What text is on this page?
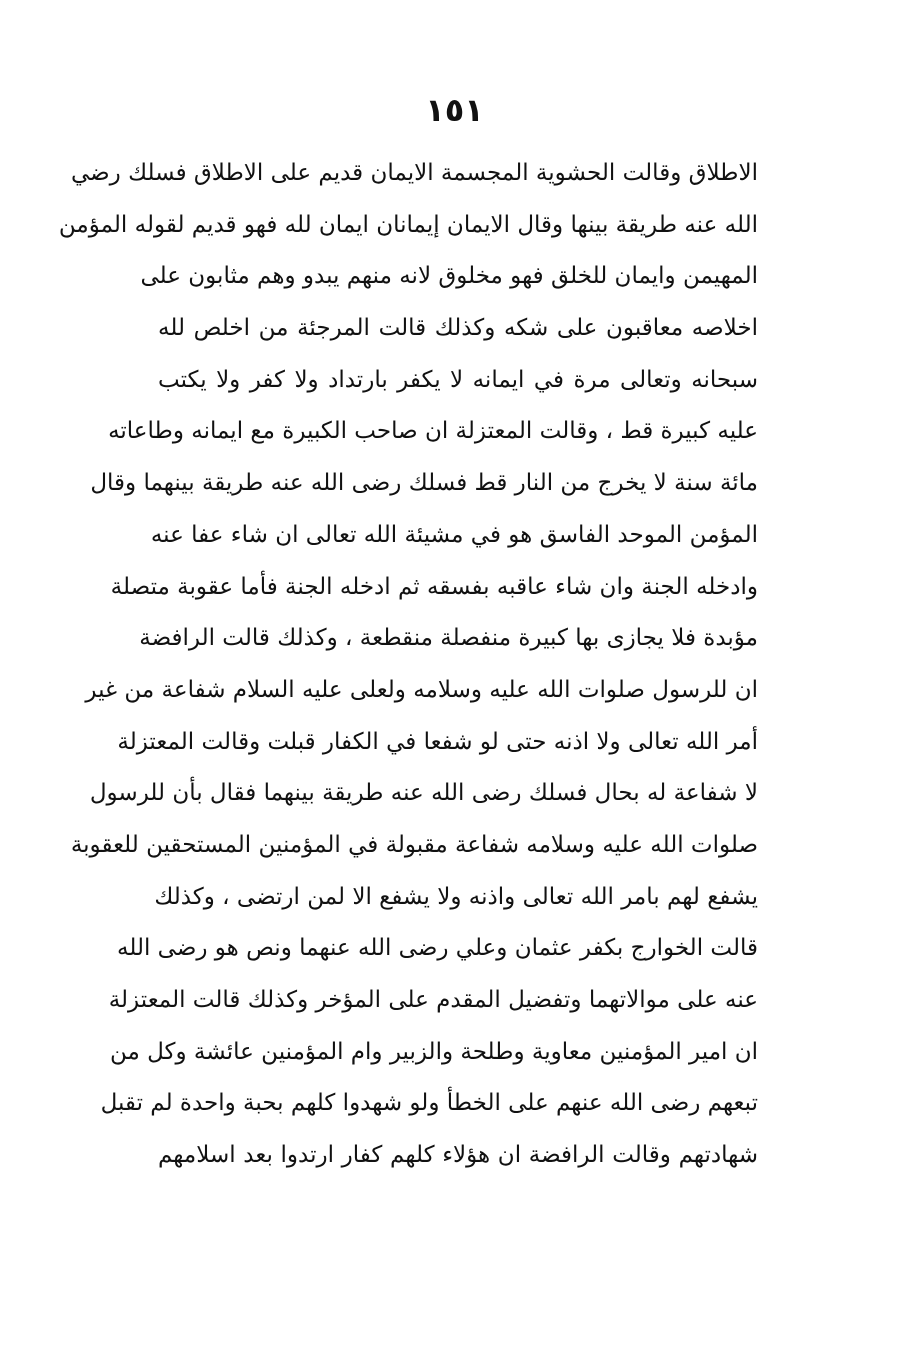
١٥١
الاطلاق وقالت الحشوية المجسمة الايمان قديم على الاطلاق فسلك رضي
الله عنه طريقة بينها وقال الايمان إيمانان ايمان لله فهو قديم لقوله المؤمن
المهيمن وايمان للخلق فهو مخلوق لانه منهم يبدو وهم مثابون على
اخلاصه معاقبون على شكه وكذلك قالت المرجئة من اخلص لله
سبحانه وتعالى مرة في ايمانه لا يكفر بارتداد ولا كفر ولا يكتب
عليه كبيرة قط ، وقالت المعتزلة ان صاحب الكبيرة مع ايمانه وطاعاته
مائة سنة لا يخرج من النار قط فسلك رضى الله عنه طريقة بينهما وقال
المؤمن الموحد الفاسق هو في مشيئة الله تعالى ان شاء عفا عنه
وادخله الجنة وان شاء عاقبه بفسقه ثم ادخله الجنة فأما عقوبة متصلة
مؤبدة فلا يجازى بها كبيرة منفصلة منقطعة ، وكذلك قالت الرافضة
ان للرسول صلوات الله عليه وسلامه ولعلى عليه السلام شفاعة من غير
أمر الله تعالى ولا اذنه حتى لو شفعا في الكفار قبلت وقالت المعتزلة
لا شفاعة له بحال فسلك رضى الله عنه طريقة بينهما فقال بأن للرسول
صلوات الله عليه وسلامه شفاعة مقبولة في المؤمنين المستحقين للعقوبة
يشفع لهم بامر الله تعالى واذنه ولا يشفع الا لمن ارتضى ، وكذلك
قالت الخوارج بكفر عثمان وعلي رضى الله عنهما ونص هو رضى الله
عنه على موالاتهما وتفضيل المقدم على المؤخر وكذلك قالت المعتزلة
ان امير المؤمنين معاوية وطلحة والزبير وام المؤمنين عائشة وكل من
تبعهم رضى الله عنهم على الخطأ ولو شهدوا كلهم بحبة واحدة لم تقبل
شهادتهم وقالت الرافضة ان هؤلاء كلهم كفار ارتدوا بعد اسلامهم
